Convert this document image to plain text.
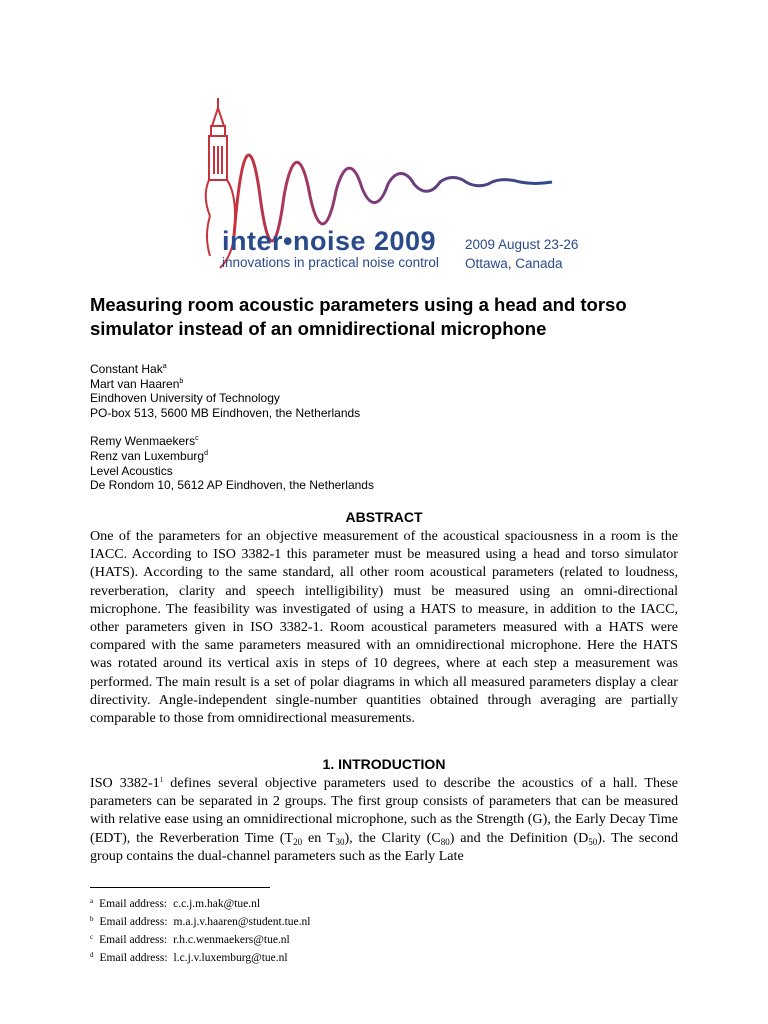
inter•noise 2009
innovations in practical noise control
2009 August 23-26
Ottawa, Canada
Measuring room acoustic parameters using a head and torso simulator instead of an omnidirectional microphone
Constant Hak$^a$
Mart van Haaren$^b$
Eindhoven University of Technology
PO-box 513, 5600 MB Eindhoven, the Netherlands
Remy Wenmaekers$^c$
Renz van Luxemburg$^d$
Level Acoustics
De Rondom 10, 5612 AP Eindhoven, the Netherlands
ABSTRACT

One of the parameters for an objective measurement of the acoustical spaciousness in a room is the IACC. According to ISO 3382-1 this parameter must be measured using a head and torso simulator (HATS). According to the same standard, all other room acoustical parameters (related to loudness, reverberation, clarity and speech intelligibility) must be measured using an omni-directional microphone. The feasibility was investigated of using a HATS to measure, in addition to the IACC, other parameters given in ISO 3382-1. Room acoustical parameters measured with a HATS were compared with the same parameters measured with an omnidirectional microphone. Here the HATS was rotated around its vertical axis in steps of 10 degrees, where at each step a measurement was performed. The main result is a set of polar diagrams in which all measured parameters display a clear directivity. Angle-independent single-number quantities obtained through averaging are partially comparable to those from omnidirectional measurements.

1. INTRODUCTION

ISO $3382-1^1$ defines several objective parameters used to describe the acoustics of a hall. These parameters can be separated in 2 groups. The first group consists of parameters that can be measured with relative ease using an omnidirectional microphone, such as the Strength (G), the Early Decay Time (EDT), the Reverberation Time ($T_{20}$ en $T_{30}$), the Clarity $(C_{80})$ and the Definition $(D_{50})$. The second group contains the dual-channel parameters such as the Early Late

$^a$ Email address: c.c.j.m.hak@tue.nl
$^b$ Email address: m.a.j.v.haaren@student.tue.nl
$^c$ Email address: r.h.c.wenmaekers@tue.nl
$^d$ Email address: l.c.j.v.luxemburg@tue.nl
